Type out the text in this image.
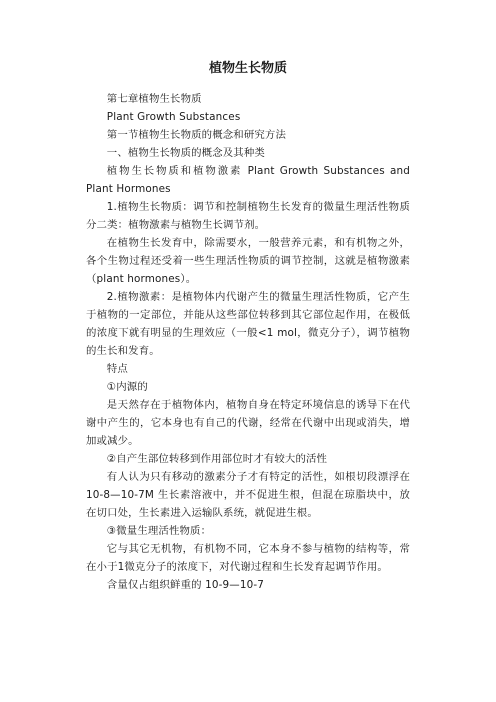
植物生长物质

第七章植物生长物质

Plant Growth Substances

第一节植物生长物质的概念和研究方法

一、植物生长物质的概念及其种类

植物生长物质和植物激素 Plant Growth Substances and Plant Hormones

1.植物生长物质：调节和控制植物生长发育的微量生理活性物质分二类：植物激素与植物生长调节剂。

在植物生长发育中，除需要水，一般营养元素，和有机物之外，各个生物过程还受着一些生理活性物质的调节控制，这就是植物激素（plant hormones）。

2.植物激素：是植物体内代谢产生的微量生理活性物质，它产生于植物的一定部位，并能从这些部位转移到其它部位起作用，在极低的浓度下就有明显的生理效应（一般<1 mol，微克分子），调节植物的生长和发育。

特点

①内源的

是天然存在于植物体内，植物自身在特定环境信息的诱导下在代谢中产生的，它本身也有自己的代谢，经常在代谢中出现或消失，增加或减少。

②自产生部位转移到作用部位时才有较大的活性

有人认为只有移动的激素分子才有特定的活性，如根切段漂浮在10-8—10-7M 生长素溶液中，并不促进生根，但混在琼脂块中，放在切口处，生长素进入运输队系统，就促进生根。

③微量生理活性物质：

它与其它无机物，有机物不同，它本身不参与植物的结构等，常在小于1微克分子的浓度下，对代谢过程和生长发育起调节作用。

含量仅占组织鲜重的 10-9—10-7
